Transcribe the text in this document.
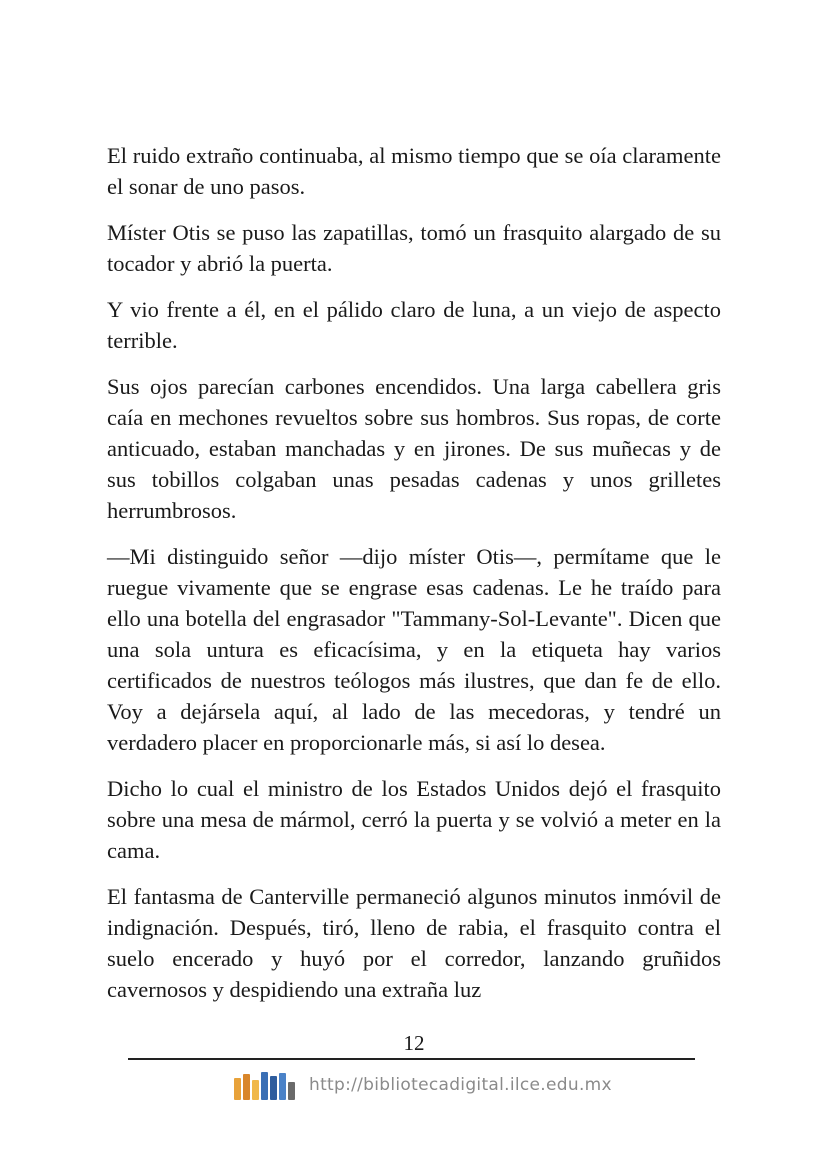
El ruido extraño continuaba, al mismo tiempo que se oía claramente el sonar de uno pasos.

Míster Otis se puso las zapatillas, tomó un frasquito alargado de su tocador y abrió la puerta.

Y vio frente a él, en el pálido claro de luna, a un viejo de aspecto terrible.

Sus ojos parecían carbones encendidos. Una larga cabellera gris caía en mechones revueltos sobre sus hombros. Sus ropas, de corte anticuado, estaban manchadas y en jirones. De sus muñecas y de sus tobillos colgaban unas pesadas cadenas y unos grilletes herrumbrosos.

—Mi distinguido señor —dijo míster Otis—, permítame que le ruegue vivamente que se engrase esas cadenas. Le he traído para ello una botella del engrasador "Tammany-Sol-Levante". Dicen que una sola untura es eficacísima, y en la etiqueta hay varios certificados de nuestros teólogos más ilustres, que dan fe de ello. Voy a dejársela aquí, al lado de las mecedoras, y tendré un verdadero placer en proporcionarle más, si así lo desea.

Dicho lo cual el ministro de los Estados Unidos dejó el frasquito sobre una mesa de mármol, cerró la puerta y se volvió a meter en la cama.

El fantasma de Canterville permaneció algunos minutos inmóvil de indignación. Después, tiró, lleno de rabia, el frasquito contra el suelo encerado y huyó por el corredor, lanzando gruñidos cavernosos y despidiendo una extraña luz

12
http://bibliotecadigital.ilce.edu.mx
